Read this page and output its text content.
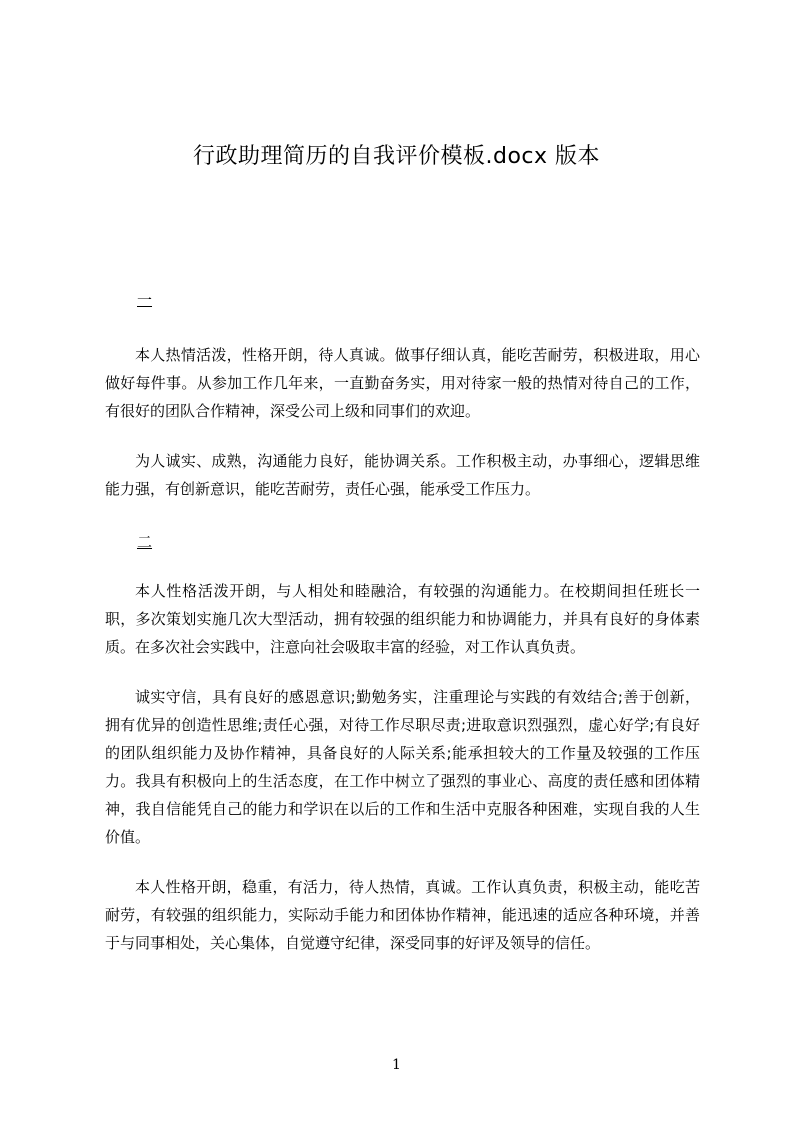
行政助理简历的自我评价模板.docx 版本
一

本人热情活泼，性格开朗，待人真诚。做事仔细认真，能吃苦耐劳，积极进取，用心做好每件事。从参加工作几年来，一直勤奋务实，用对待家一般的热情对待自己的工作，有很好的团队合作精神，深受公司上级和同事们的欢迎。

为人诚实、成熟，沟通能力良好，能协调关系。工作积极主动，办事细心，逻辑思维能力强，有创新意识，能吃苦耐劳，责任心强，能承受工作压力。

二

本人性格活泼开朗，与人相处和睦融洽，有较强的沟通能力。在校期间担任班长一职，多次策划实施几次大型活动，拥有较强的组织能力和协调能力，并具有良好的身体素质。在多次社会实践中，注意向社会吸取丰富的经验，对工作认真负责。

诚实守信，具有良好的感恩意识;勤勉务实，注重理论与实践的有效结合;善于创新，拥有优异的创造性思维;责任心强，对待工作尽职尽责;进取意识烈强烈，虚心好学;有良好的团队组织能力及协作精神，具备良好的人际关系;能承担较大的工作量及较强的工作压力。我具有积极向上的生活态度，在工作中树立了强烈的事业心、高度的责任感和团体精神，我自信能凭自己的能力和学识在以后的工作和生活中克服各种困难，实现自我的人生价值。

本人性格开朗，稳重，有活力，待人热情，真诚。工作认真负责，积极主动，能吃苦耐劳，有较强的组织能力，实际动手能力和团体协作精神，能迅速的适应各种环境，并善于与同事相处，关心集体，自觉遵守纪律，深受同事的好评及领导的信任。

1
